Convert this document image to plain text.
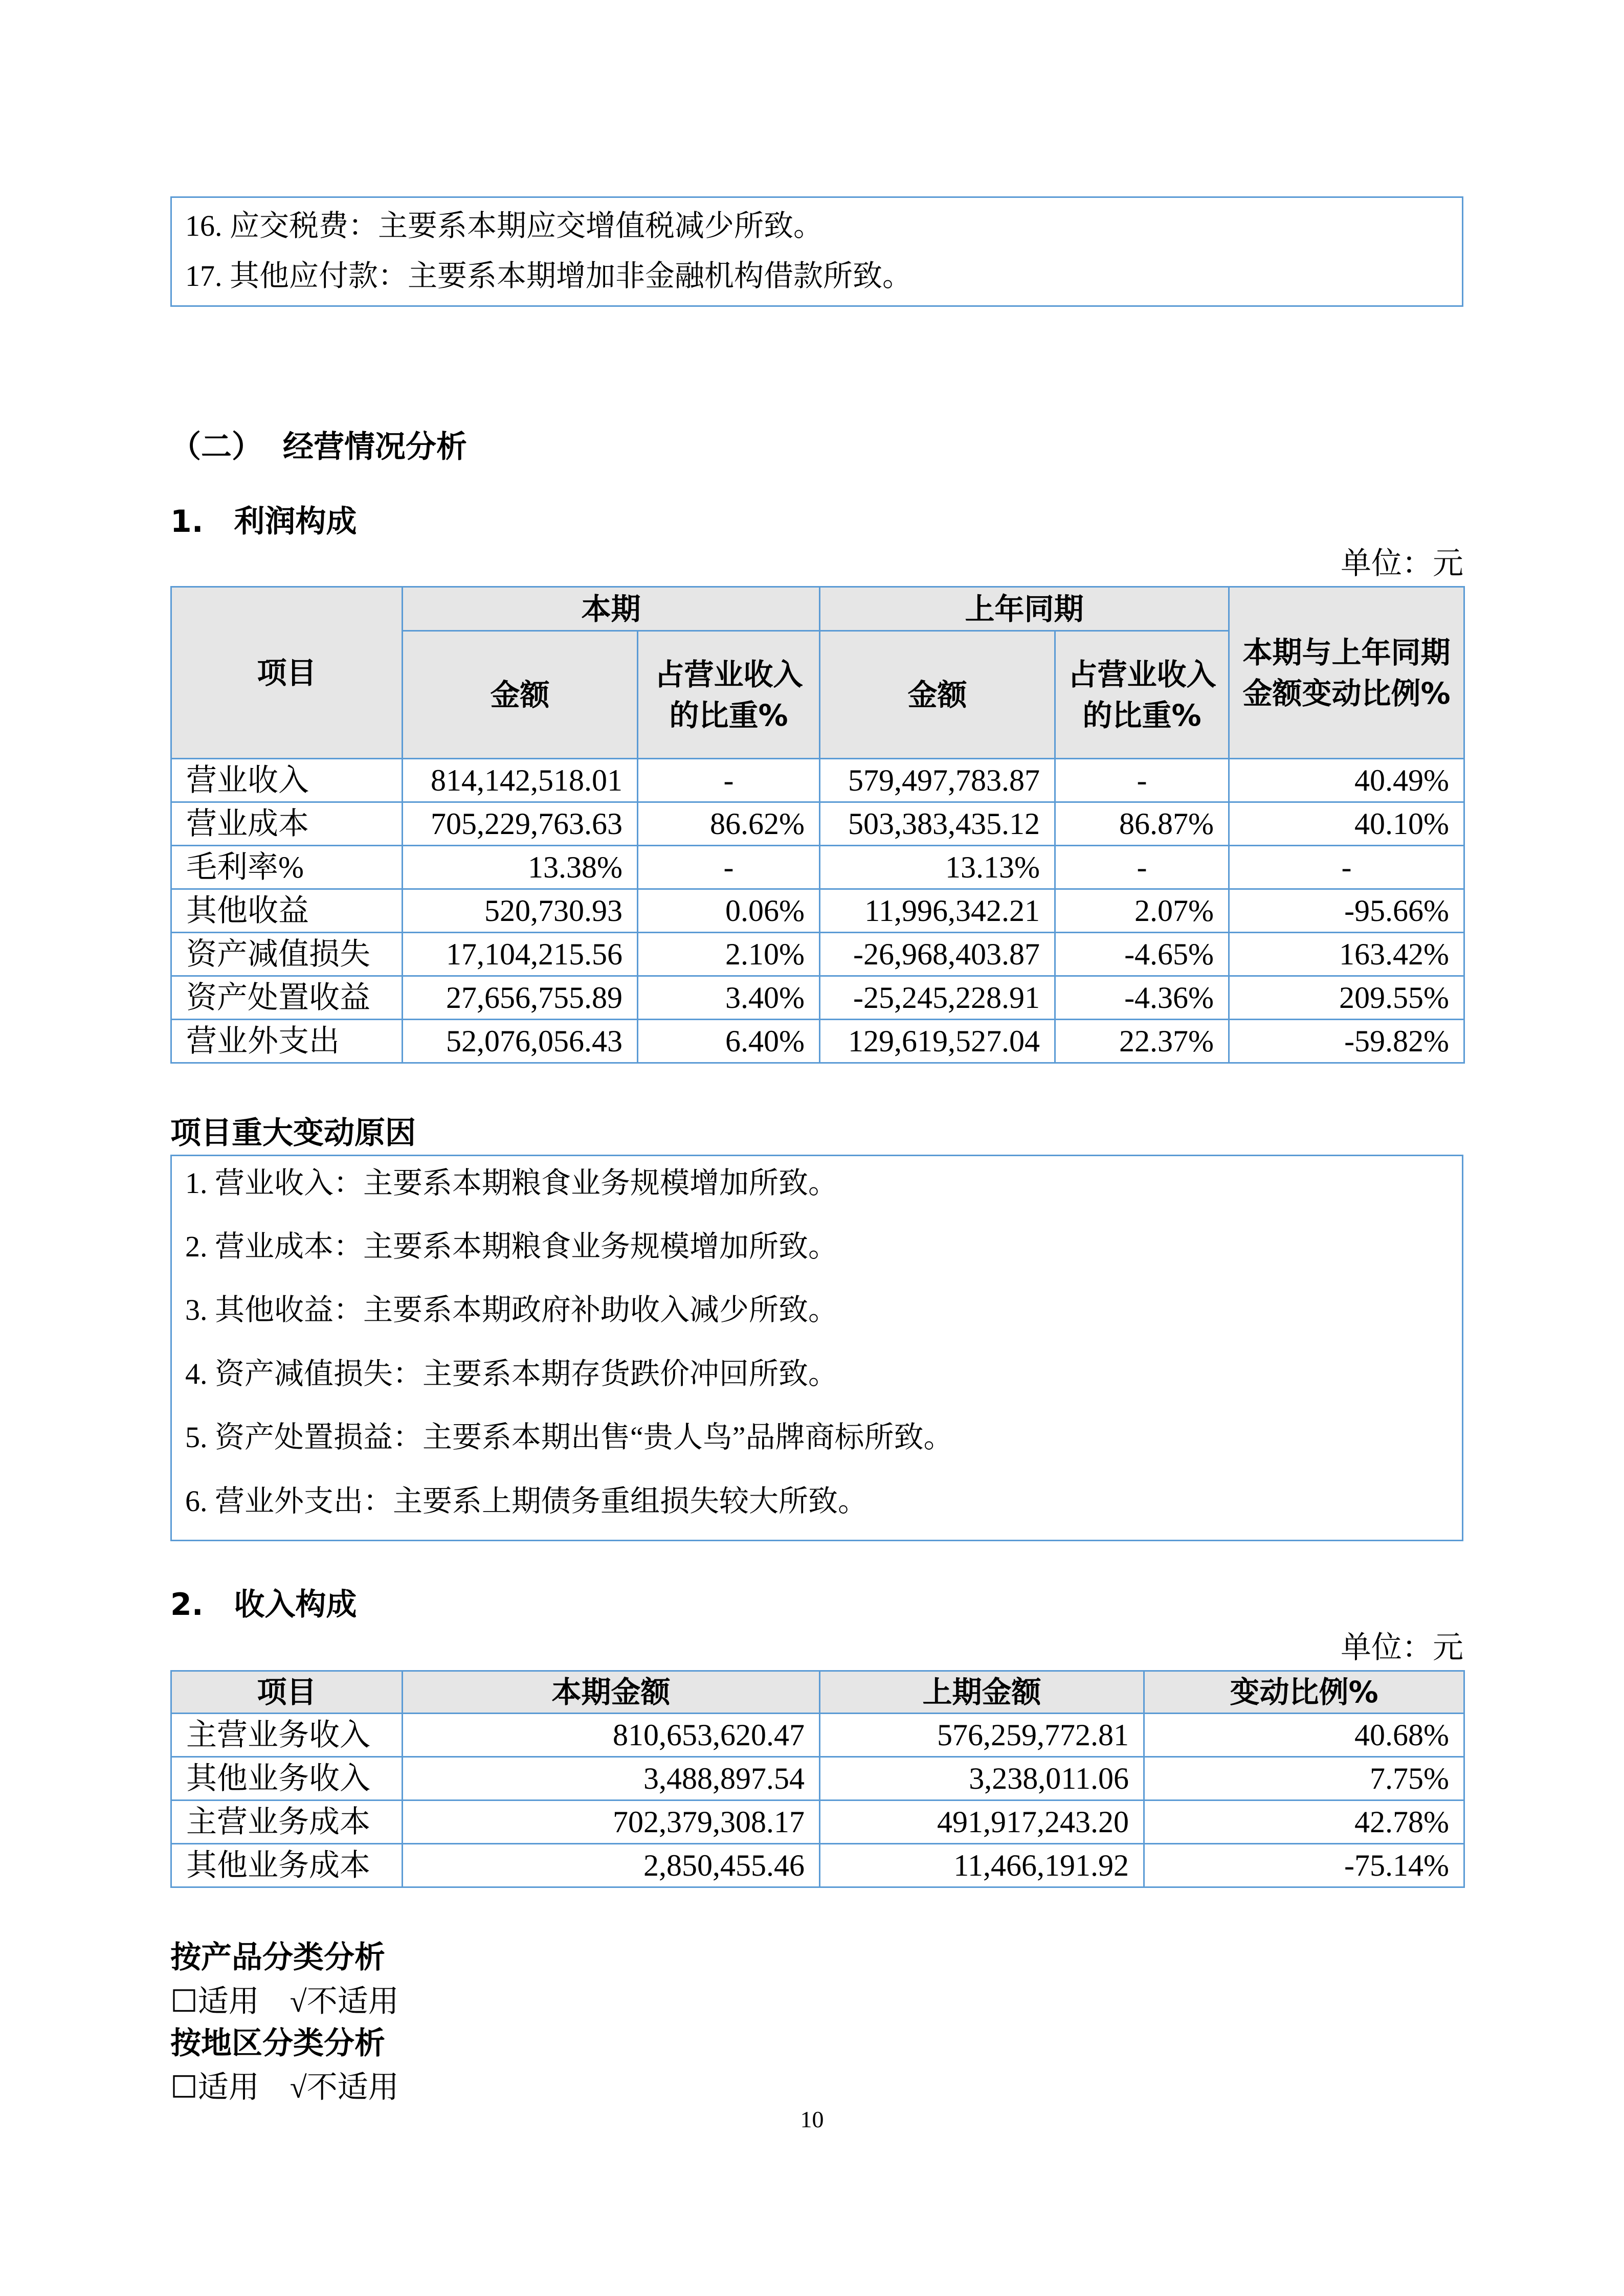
16. 应交税费：主要系本期应交增值税减少所致。
17. 其他应付款：主要系本期增加非金融机构借款所致。
（二） 经营情况分析
1.　利润构成
单位：元
项目	本期		上年同期		本期与上年同期金额变动比例%
	金额	占营业收入的比重%	金额	占营业收入的比重%	
营业收入	814,142,518.01	-	579,497,783.87	-	40.49%
营业成本	705,229,763.63	86.62%	503,383,435.12	86.87%	40.10%
毛利率%	13.38%	-	13.13%	-	-
其他收益	520,730.93	0.06%	11,996,342.21	2.07%	-95.66%
资产减值损失	17,104,215.56	2.10%	-26,968,403.87	-4.65%	163.42%
资产处置收益	27,656,755.89	3.40%	-25,245,228.91	-4.36%	209.55%
营业外支出	52,076,056.43	6.40%	129,619,527.04	22.37%	-59.82%
项目重大变动原因
1. 营业收入：主要系本期粮食业务规模增加所致。
2. 营业成本：主要系本期粮食业务规模增加所致。
3. 其他收益：主要系本期政府补助收入减少所致。
4. 资产减值损失：主要系本期存货跌价冲回所致。
5. 资产处置损益：主要系本期出售“贵人鸟”品牌商标所致。
6. 营业外支出：主要系上期债务重组损失较大所致。
2.　收入构成
单位：元
项目	本期金额	上期金额	变动比例%
主营业务收入	810,653,620.47	576,259,772.81	40.68%
其他业务收入	3,488,897.54	3,238,011.06	7.75%
主营业务成本	702,379,308.17	491,917,243.20	42.78%
其他业务成本	2,850,455.46	11,466,191.92	-75.14%
按产品分类分析
☐适用　√不适用
按地区分类分析
☐适用　√不适用
10
